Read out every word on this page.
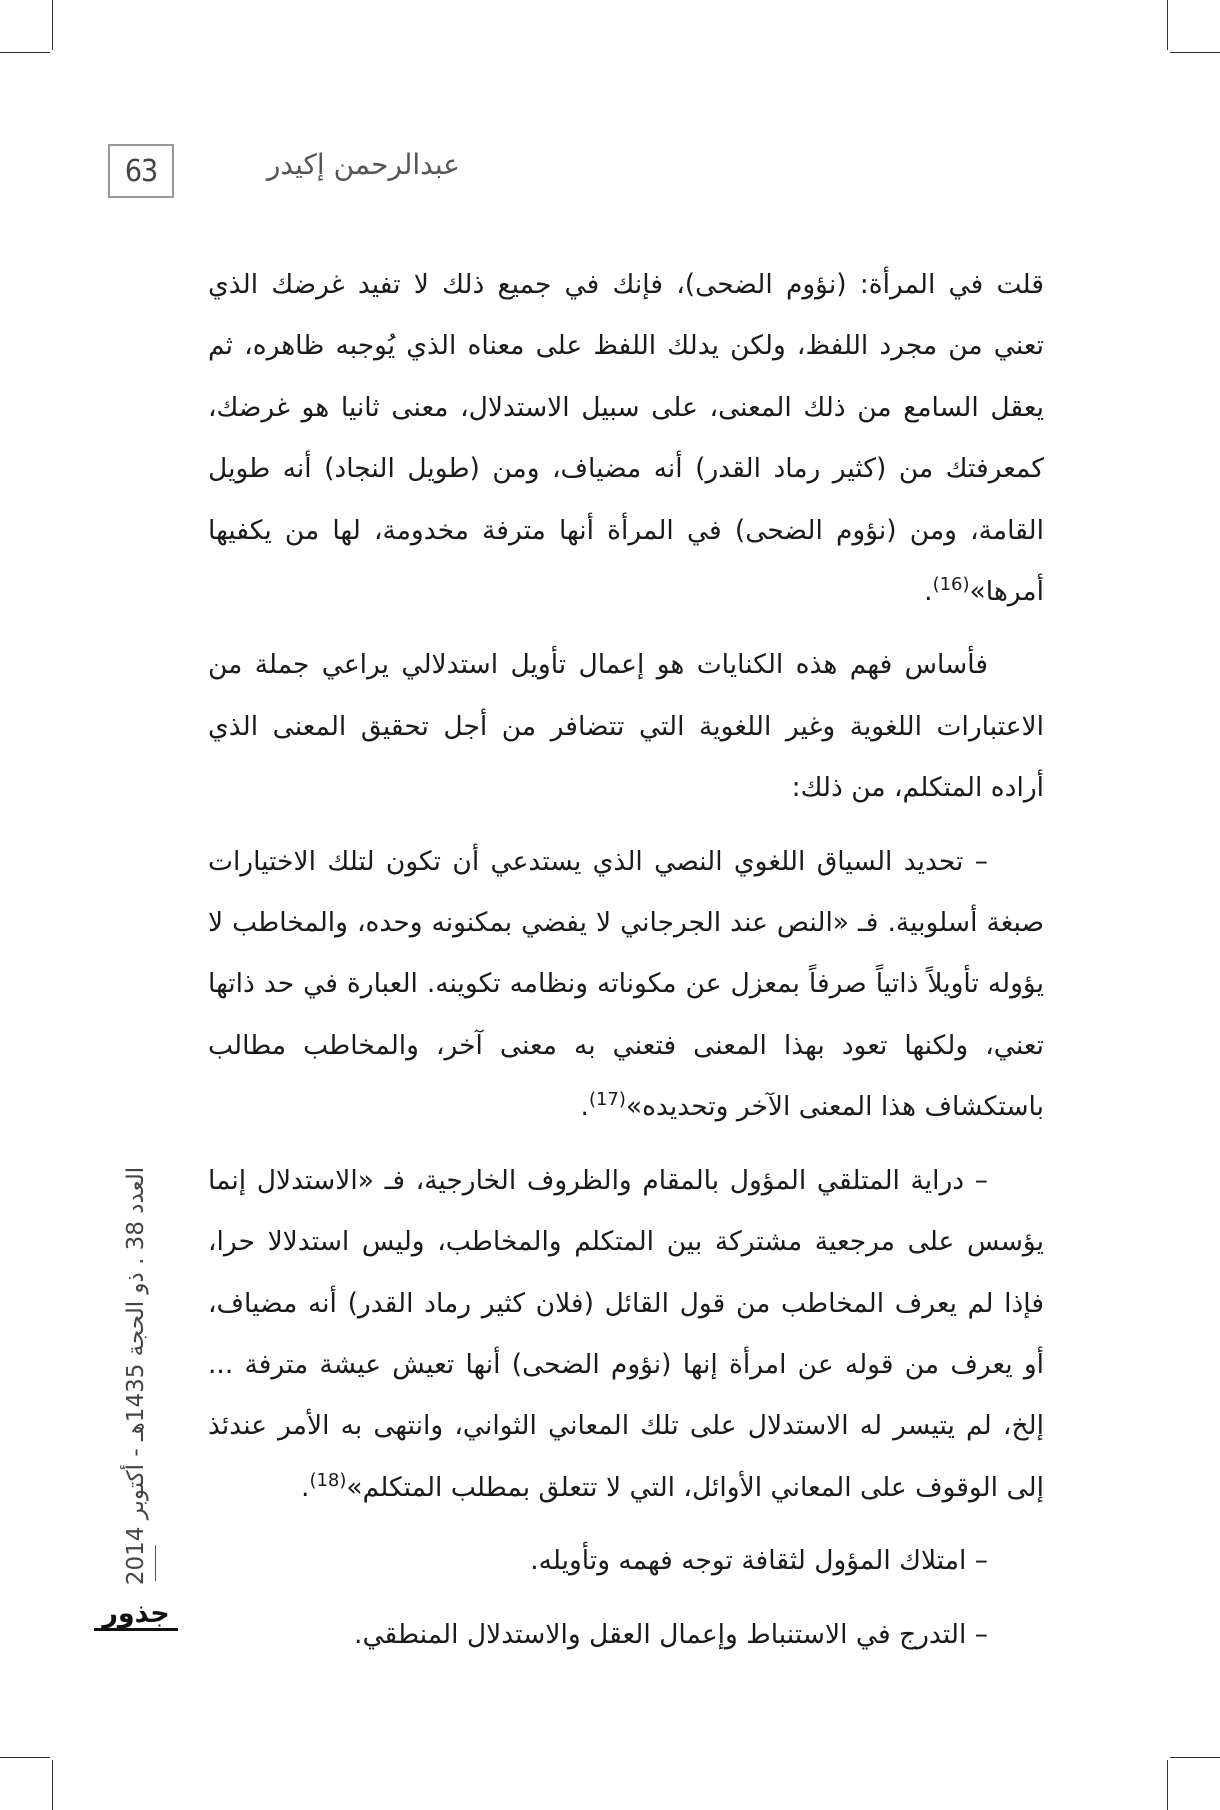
63	عبدالرحمن إكيدر

قلت في المرأة: (نؤوم الضحى)، فإنك في جميع ذلك لا تفيد غرضك الذي تعني من مجرد اللفظ، ولكن يدلك اللفظ على معناه الذي يُوجبه ظاهره، ثم يعقل السامع من ذلك المعنى، على سبيل الاستدلال، معنى ثانيا هو غرضك، كمعرفتك من (كثير رماد القدر) أنه مضياف، ومن (طويل النجاد) أنه طويل القامة، ومن (نؤوم الضحى) في المرأة أنها مترفة مخدومة، لها من يكفيها أمرها»$^{(16)}$.

فأساس فهم هذه الكنايات هو إعمال تأويل استدلالي يراعي جملة من الاعتبارات اللغوية وغير اللغوية التي تتضافر من أجل تحقيق المعنى الذي أراده المتكلم، من ذلك:

– تحديد السياق اللغوي النصي الذي يستدعي أن تكون لتلك الاختيارات صبغة أسلوبية. فـ «النص عند الجرجاني لا يفضي بمكنونه وحده، والمخاطب لا يؤوله تأويلاً ذاتياً صرفاً بمعزل عن مكوناته ونظامه تكوينه. العبارة في حد ذاتها تعني، ولكنها تعود بهذا المعنى فتعني به معنى آخر، والمخاطب مطالب باستكشاف هذا المعنى الآخر وتحديده»$^{(17)}$.

– دراية المتلقي المؤول بالمقام والظروف الخارجية، فـ «الاستدلال إنما يؤسس على مرجعية مشتركة بين المتكلم والمخاطب، وليس استدلالا حرا، فإذا لم يعرف المخاطب من قول القائل (فلان كثير رماد القدر) أنه مضياف، أو يعرف من قوله عن امرأة إنها (نؤوم الضحى) أنها تعيش عيشة مترفة ... إلخ، لم يتيسر له الاستدلال على تلك المعاني الثواني، وانتهى به الأمر عندئذ إلى الوقوف على المعاني الأوائل، التي لا تتعلق بمطلب المتكلم»$^{(18)}$.

– امتلاك المؤول لثقافة توجه فهمه وتأويله.

– التدرج في الاستنباط وإعمال العقل والاستدلال المنطقي.

العدد 38 . ذو الحجة 1435هـ - أكتوبر 2014
جذور
